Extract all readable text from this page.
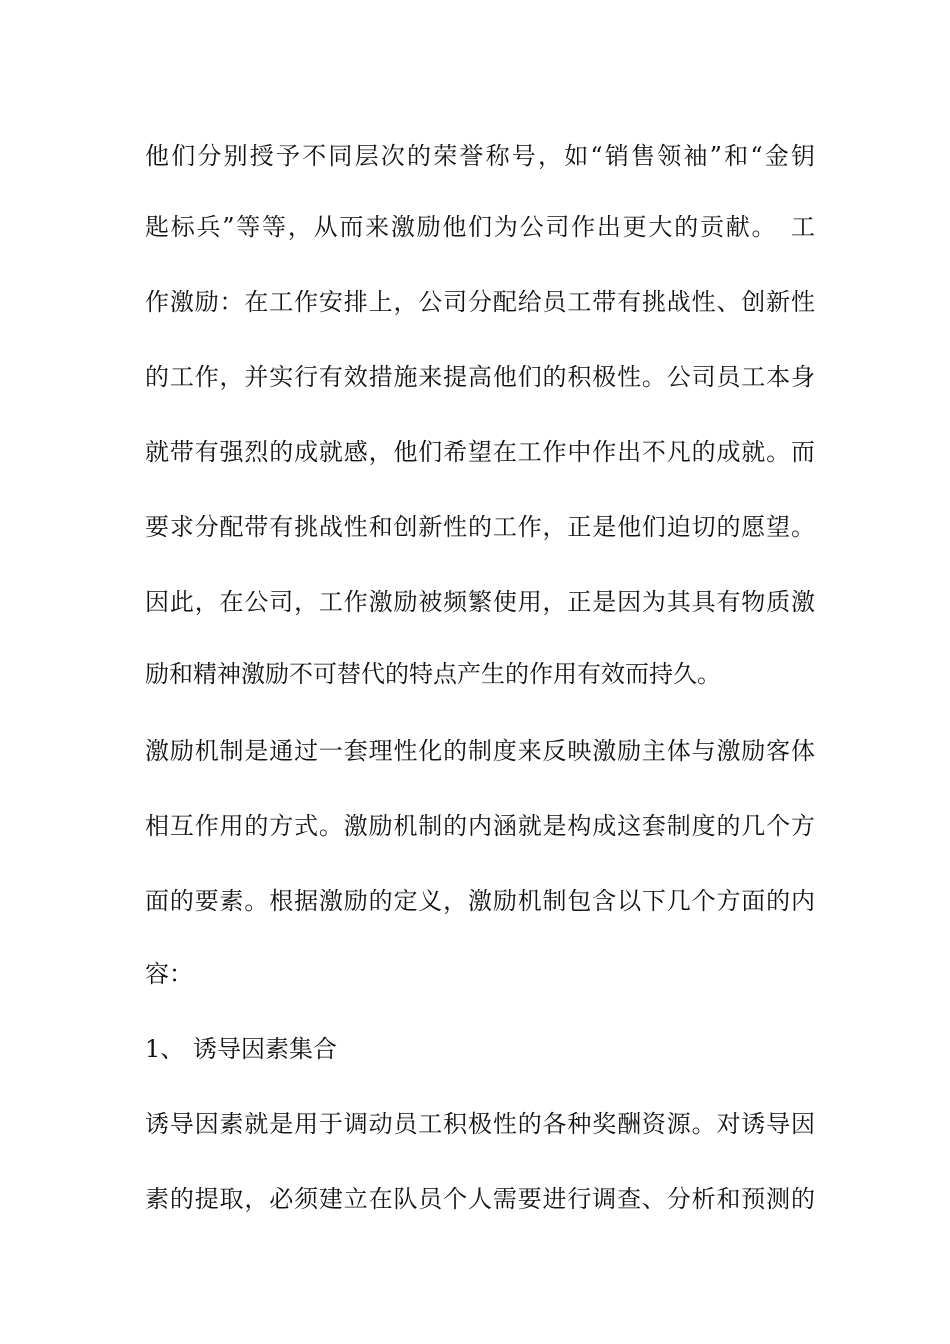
他们分别授予不同层次的荣誉称号，如“销售领袖”和“金钥
匙标兵”等等，从而来激励他们为公司作出更大的贡献。　工
作激励：在工作安排上，公司分配给员工带有挑战性、创新性
的工作，并实行有效措施来提高他们的积极性。公司员工本身
就带有强烈的成就感，他们希望在工作中作出不凡的成就。而
要求分配带有挑战性和创新性的工作，正是他们迫切的愿望。
因此，在公司，工作激励被频繁使用，正是因为其具有物质激
励和精神激励不可替代的特点产生的作用有效而持久。
激励机制是通过一套理性化的制度来反映激励主体与激励客体
相互作用的方式。激励机制的内涵就是构成这套制度的几个方
面的要素。根据激励的定义，激励机制包含以下几个方面的内
容：
1、 诱导因素集合
诱导因素就是用于调动员工积极性的各种奖酬资源。对诱导因
素的提取，必须建立在队员个人需要进行调查、分析和预测的
